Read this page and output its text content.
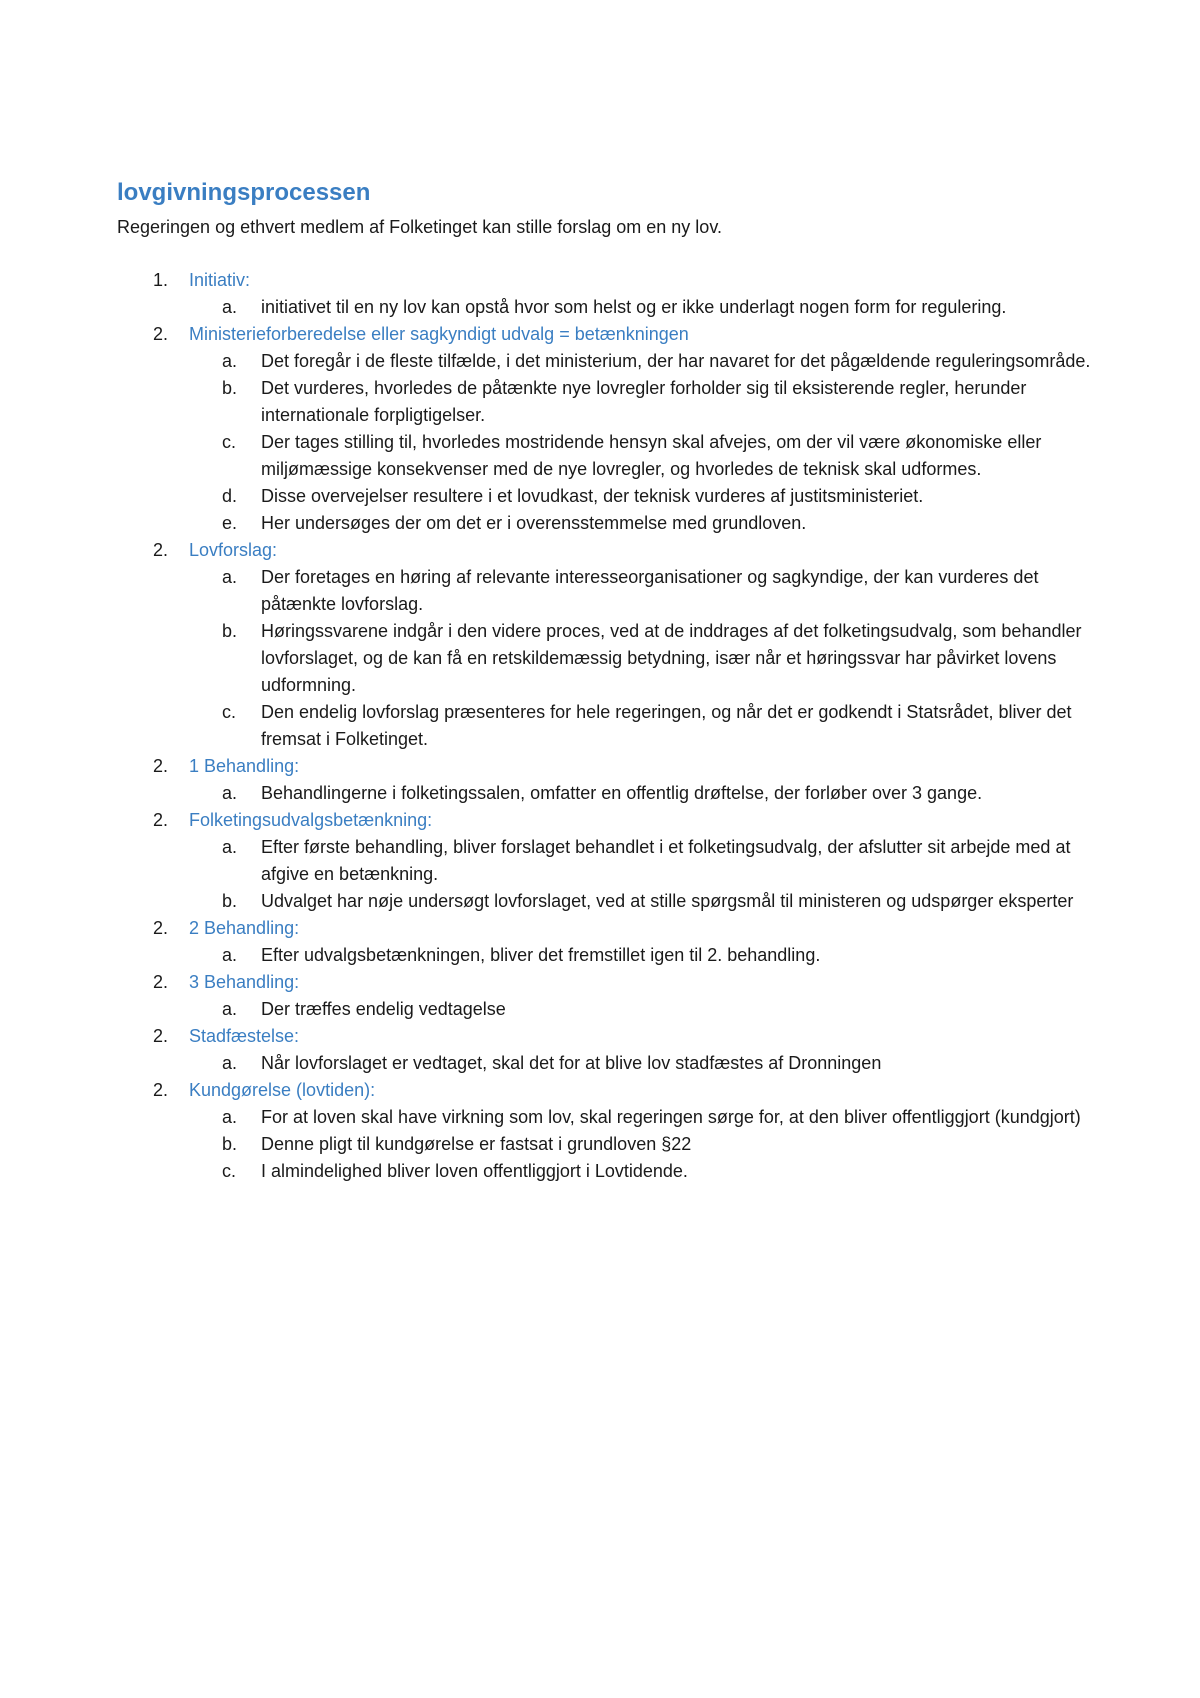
lovgivningsprocessen

Regeringen og ethvert medlem af Folketinget kan stille forslag om en ny lov.

1.	Initiativ:
a.	initiativet til en ny lov kan opstå hvor som helst og er ikke underlagt nogen form for regulering.
2.	Ministerieforberedelse eller sagkyndigt udvalg = betænkningen
a.	Det foregår i de fleste tilfælde, i det ministerium, der har navaret for det pågældende reguleringsområde.
b.	Det vurderes, hvorledes de påtænkte nye lovregler forholder sig til eksisterende regler, herunder internationale forpligtigelser.
c.	Der tages stilling til, hvorledes mostridende hensyn skal afvejes, om der vil være økonomiske eller miljømæssige konsekvenser med de nye lovregler, og hvorledes de teknisk skal udformes.
d.	Disse overvejelser resultere i et lovudkast, der teknisk vurderes af justitsministeriet.
e.	Her undersøges der om det er i overensstemmelse med grundloven.
2.	Lovforslag:
a.	Der foretages en høring af relevante interesseorganisationer og sagkyndige, der kan vurderes det påtænkte lovforslag.
b.	Høringssvarene indgår i den videre proces, ved at de inddrages af det folketingsudvalg, som behandler lovforslaget, og de kan få en retskildemæssig betydning, især når et høringssvar har påvirket lovens udformning.
c.	Den endelig lovforslag præsenteres for hele regeringen, og når det er godkendt i Statsrådet, bliver det fremsat i Folketinget.
2.	1 Behandling:
a.	Behandlingerne i folketingssalen, omfatter en offentlig drøftelse, der forløber over 3 gange.
2.	Folketingsudvalgsbetænkning:
a.	Efter første behandling, bliver forslaget behandlet i et folketingsudvalg, der afslutter sit arbejde med at afgive en betænkning.
b.	Udvalget har nøje undersøgt lovforslaget, ved at stille spørgsmål til ministeren og udspørger eksperter
2.	2 Behandling:
a.	Efter udvalgsbetænkningen, bliver det fremstillet igen til 2. behandling.
2.	3 Behandling:
a.	Der træffes endelig vedtagelse
2.	Stadfæstelse:
a.	Når lovforslaget er vedtaget, skal det for at blive lov stadfæstes af Dronningen
2.	Kundgørelse (lovtiden):
a.	For at loven skal have virkning som lov, skal regeringen sørge for, at den bliver offentliggjort (kundgjort)
b.	Denne pligt til kundgørelse er fastsat i grundloven §22
c.	I almindelighed bliver loven offentliggjort i Lovtidende.
